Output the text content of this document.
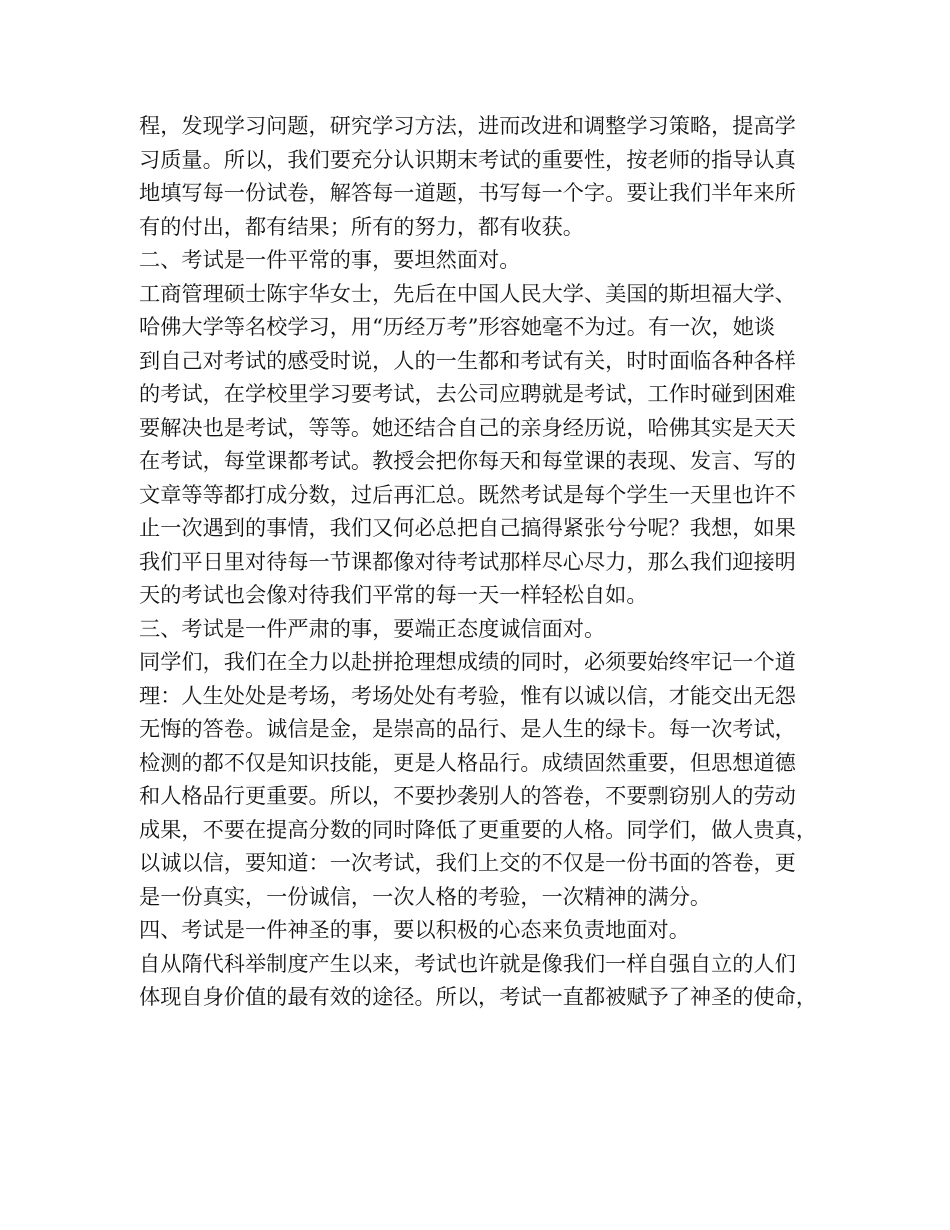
程，发现学习问题，研究学习方法，进而改进和调整学习策略，提高学
习质量。所以，我们要充分认识期末考试的重要性，按老师的指导认真
地填写每一份试卷，解答每一道题，书写每一个字。要让我们半年来所
有的付出，都有结果；所有的努力，都有收获。
二、考试是一件平常的事，要坦然面对。
工商管理硕士陈宇华女士，先后在中国人民大学、美国的斯坦福大学、
哈佛大学等名校学习，用“历经万考”形容她毫不为过。有一次，她谈
到自己对考试的感受时说，人的一生都和考试有关，时时面临各种各样
的考试，在学校里学习要考试，去公司应聘就是考试，工作时碰到困难
要解决也是考试，等等。她还结合自己的亲身经历说，哈佛其实是天天
在考试，每堂课都考试。教授会把你每天和每堂课的表现、发言、写的
文章等等都打成分数，过后再汇总。既然考试是每个学生一天里也许不
止一次遇到的事情，我们又何必总把自己搞得紧张兮兮呢？我想，如果
我们平日里对待每一节课都像对待考试那样尽心尽力，那么我们迎接明
天的考试也会像对待我们平常的每一天一样轻松自如。
三、考试是一件严肃的事，要端正态度诚信面对。
同学们，我们在全力以赴拼抢理想成绩的同时，必须要始终牢记一个道
理：人生处处是考场，考场处处有考验，惟有以诚以信，才能交出无怨
无悔的答卷。诚信是金，是崇高的品行、是人生的绿卡。每一次考试，
检测的都不仅是知识技能，更是人格品行。成绩固然重要，但思想道德
和人格品行更重要。所以，不要抄袭别人的答卷，不要剽窃别人的劳动
成果，不要在提高分数的同时降低了更重要的人格。同学们，做人贵真，
以诚以信，要知道：一次考试，我们上交的不仅是一份书面的答卷，更
是一份真实，一份诚信，一次人格的考验，一次精神的满分。
四、考试是一件神圣的事，要以积极的心态来负责地面对。
自从隋代科举制度产生以来，考试也许就是像我们一样自强自立的人们
体现自身价值的最有效的途径。所以，考试一直都被赋予了神圣的使命，
